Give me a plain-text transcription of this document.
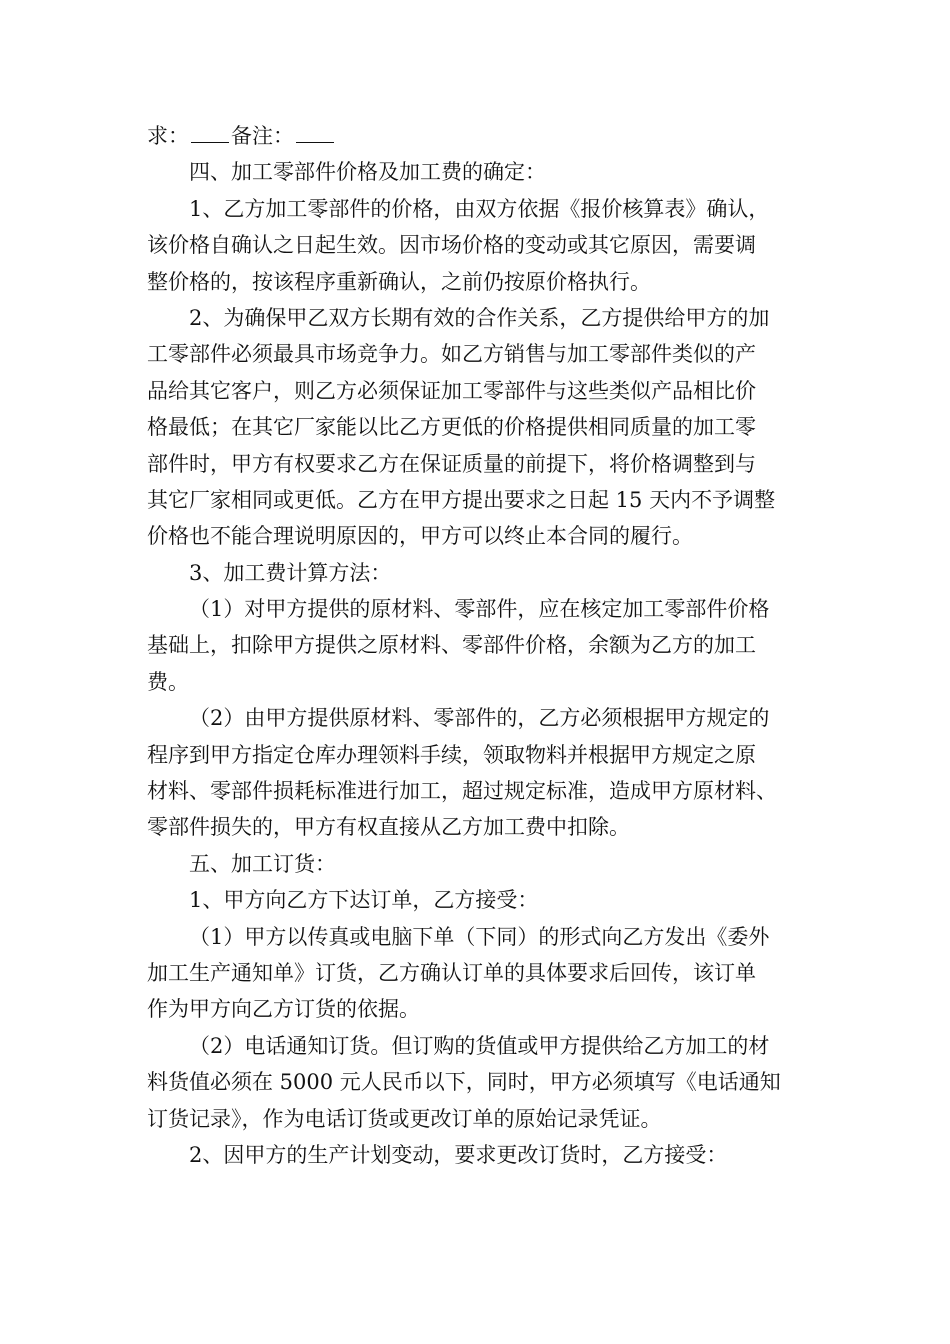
求： 备注：
四、加工零部件价格及加工费的确定：
1、乙方加工零部件的价格，由双方依据《报价核算表》确认，
该价格自确认之日起生效。因市场价格的变动或其它原因，需要调
整价格的，按该程序重新确认，之前仍按原价格执行。
2、为确保甲乙双方长期有效的合作关系，乙方提供给甲方的加
工零部件必须最具市场竞争力。如乙方销售与加工零部件类似的产
品给其它客户，则乙方必须保证加工零部件与这些类似产品相比价
格最低；在其它厂家能以比乙方更低的价格提供相同质量的加工零
部件时，甲方有权要求乙方在保证质量的前提下，将价格调整到与
其它厂家相同或更低。乙方在甲方提出要求之日起 15 天内不予调整
价格也不能合理说明原因的，甲方可以终止本合同的履行。
3、加工费计算方法：
（1）对甲方提供的原材料、零部件，应在核定加工零部件价格
基础上，扣除甲方提供之原材料、零部件价格，余额为乙方的加工
费。
（2）由甲方提供原材料、零部件的，乙方必须根据甲方规定的
程序到甲方指定仓库办理领料手续，领取物料并根据甲方规定之原
材料、零部件损耗标准进行加工，超过规定标准，造成甲方原材料、
零部件损失的，甲方有权直接从乙方加工费中扣除。
五、加工订货：
1、甲方向乙方下达订单，乙方接受：
（1）甲方以传真或电脑下单（下同）的形式向乙方发出《委外
加工生产通知单》订货，乙方确认订单的具体要求后回传，该订单
作为甲方向乙方订货的依据。
（2）电话通知订货。但订购的货值或甲方提供给乙方加工的材
料货值必须在 5000 元人民币以下，同时，甲方必须填写《电话通知
订货记录》，作为电话订货或更改订单的原始记录凭证。
2、因甲方的生产计划变动，要求更改订货时，乙方接受：
